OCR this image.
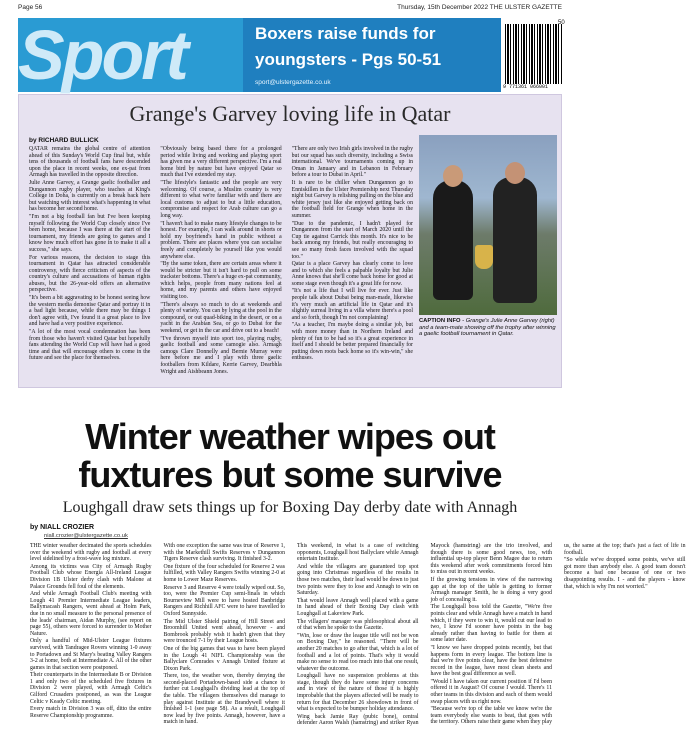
Page 56	Thursday, 15th December 2022 THE ULSTER GAZETTE
Sport	Boxers raise funds for
youngsters - Pgs 50-51
sport@ulstergazette.co.uk
9 771361 066001
50
Grange's Garvey loving life in Qatar
by RICHARD BULLICK

QATAR remains the global centre of attention ahead of this Sunday's World Cup final but, while tens of thousands of football fans have descended upon the place in recent weeks, one ex-pat from Armagh has travelled in the opposite direction.

Julie Anne Garvey, a Grange gaelic footballer and Dungannon rugby player, who teaches at King's College in Doha, is currently on a break back here but watching with interest what's happening in what has become her second home.

"I'm not a big football fan but I've been keeping myself following the World Cup closely since I've been home, because I was there at the start of the tournament, my friends are going to games and I know how much effort has gone in to make it all a success," she says.

For various reasons, the decision to stage this tournament in Qatar has attracted considerable controversy, with fierce criticism of aspects of the country's culture and accusations of human rights abuses, but the 26-year-old offers an alternative perspective.

"It's been a bit aggravating to be honest seeing how the western media demonise Qatar and portray it in a bad light because, while there may be things I don't agree with, I've found it a great place to live and have had a very positive experience.

"A lot of the most vocal condemnation has been from those who haven't visited Qatar but hopefully fans attending the World Cup will have had a good time and that will encourage others to come in the future and see the place for themselves.

"Obviously being based there for a prolonged period while living and working and playing sport has given me a very different perspective. I'm a real home bird by nature but have enjoyed Qatar so much that I've extended my stay.

"The lifestyle's fantastic and the people are very welcoming. Of course, a Muslim country is very different to what we're familiar with and there are local customs to adjust to but a little education, compromise and respect for Arab culture can go a long way.

"I haven't had to make many lifestyle changes to be honest. For example, I can walk around in shorts or hold my boyfriend's hand in public without a problem. There are places where you can socialise freely and completely be yourself like you would anywhere else.

"By the same token, there are certain areas where it would be stricter but it isn't hard to pull on some trackster bottoms. There's a huge ex-pat community, which helps, people from many nations feel at home, and my parents and others have enjoyed visiting too.

"There's always so much to do at weekends and plenty of variety. You can by lying at the pool in the compound, or out quad-biking in the desert, or on a yacht in the Arabian Sea, or go to Dubai for the weekend, or get in the car and drive out to a beach!

"I've thrown myself into sport too, playing rugby, gaelic football and some camogie also. Armagh camogs Clare Donnelly and Bernie Murray were here before me and I play with three gaelic footballers from Kildare, Kerrie Garvey, Dearbhla Wright and Aishbeann Jones.

"There are only two Irish girls involved in the rugby but our squad has such diversity, including a Swiss international. We've tournaments coming up in Oman in January and in Lebanon in February before a tour to Dubai in April."

It is rare to be chiller when Dungannon go to Enniskillen in the Ulster Premiership next Thursday night but Garvey is relishing pulling on the blue and white jersey just like she enjoyed getting back on the football field for Grange when home in the summer.

"Due to the pandemic, I hadn't played for Dungannon from the start of March 2020 until the Cup tie against Carrick this month. It's nice to be back among my friends, but really encouraging to see so many fresh faces involved with the squad too."

Qatar is a place Garvey has clearly come to love and to which she feels a palpable loyalty but Julie Anne knows that she'll come back home for good at some stage even though it's a great life for now.

"It's not a life that I will live for ever. Just like people talk about Dubai being man-made, likewise it's very much an artificial life in Qatar and it's slightly surreal living in a villa where there's a pool and so forth, though I'm not complaining!

"As a teacher, I'm maybe doing a similar job, but with more money than in Northern Ireland and plenty of fun to be had so it's a great experience in itself and I should be better prepared financially for putting down roots back home so it's win-win," she enthuses.

CAPTION INFO - Grange's Julie Anne Garvey (right) and a team-mate showing off the trophy after winning a gaelic football tournament in Qatar.
Winter weather wipes out
fuxtures but some survive
Loughgall draw sets things up for Boxing Day derby date with Annagh
by NIALL CROZIER
niall.crozier@ulstergazette.co.uk

THE winter weather decimated the sports schedules over the weekend with rugby and football at every level sidelined by a frost-wave log mixture.

Among its victims was City of Armagh Rugby Football Club whose Energia All-Ireland League Division 1B Ulster derby clash with Malone at Palace Grounds fell foul of the elements.

And while Armagh Football Club's meeting with Lough 41 Premier Intermediate League leaders, Ballymacash Rangers, went ahead at Holm Park, due in no small measure to the personal presence of the leads' chairman, Aidan Murphy, (see report on page 55), others were forced to surrender to Mother Nature.

Only a handful of Mid-Ulster League fixtures survived, with Tandragee Rovers winning 1-0 away to Portadown and St Mary's beating Valley Rangers 3-2 at home, both at Intermediate A. All of the other games in that section were postponed.

Their counterparts in the Intermediate B or Division 1 and only two of the scheduled five fixtures in Division 2 were played, with Armagh Celtic's Gilford Crusaders postponed, as was the League Celtic v Keady Celtic meeting.

Every match in Division 3 was off, ditto the entire Reserve Championship programme.

With one exception the same was true of Reserve 1, with the Markethill Swifts Reserves v Dungannon Tigers Reserve clash surviving. It finished 3-2.

One fixture of the four scheduled for Reserve 2 was fulfilled, with Valley Rangers Swifts winning 2-0 at home to Lower Maze Reserves.

Reserve 3 and Reserve 4 were totally wiped out. So, too, were the Premier Cup semi-finals in which Bourneview Mill were to have hosted Banbridge Rangers and Richhill AFC were to have travelled to Oxford Sunnyside.

The Mid Ulster Shield pairing of Hill Street and Broomhill United went ahead, however - and Bombrook probably wish it hadn't given that they were trounced 7-1 by their League hosts.

One of the big games that was to have been played in the Lough 41 NIFL Championship was the Ballyclare Comrades v Annagh United fixture at Dixon Park.

There, too, the weather won, thereby denying the second-placed Portadown-based side a chance to further cut Loughgall's dividing lead at the top of the table. The villagers themselves did manage to play against Institute at the Brandywell where it finished 1-1 (see page 58). As a result, Loughgall now lead by five points. Annagh, however, have a match in hand.

This weekend, in what is a case of switching opponents, Loughgall host Ballyclare while Annagh entertain Institute.

And while the villagers are guaranteed top spot going into Christmas regardless of the results in those two matches, their lead would be down to just two points were they to lose and Annagh to win on Saturday.

That would leave Annagh well placed with a game in hand ahead of their Boxing Day clash with Loughgall at Lakeview Park.

The villagers' manager was philosophical about all of that when he spoke to the Gazette.

"Win, lose or draw the league title will not be won on Boxing Day," he reasoned. "There will be another 20 matches to go after that, which is a lot of football and a lot of points. That's why it would make no sense to read too much into that one result, whatever the outcome.

Loughgall have no suspension problems at this stage, though they do have some injury concerns and in view of the nature of those it is highly improbable that the players affected will be ready to return for that December 26 showdown in front of what is expected to be bumper holiday attendance.

Wing back Jamie Ray (pubic bone), central defender Aaron Walsh (hamstring) and striker Ryan Mayock (hamstring) are the trio involved, and though there is some good news, too, with influential up-top player Benn Magee due to return this weekend after work commitments forced him to miss out in recent weeks.

If the growing tensions in view of the narrowing gap at the top of the table is getting to former Armagh manager Smith, he is doing a very good job of concealing it.

The Loughgall boss told the Gazette, "We're five points clear and while Annagh have a match in hand which, if they were to win it, would cut our lead to two, I know I'd sooner have points in the bag already rather than having to battle for them at some later date.

"I know we have dropped points recently, but that happens form in every league. The bottom line is that we're five points clear, have the best defensive record in the league, have most clean sheets and have the best goal difference as well.

"Would I have taken our current position if I'd been offered it in August? Of course I would. There's 11 other teams in this division and each of them would swap places with us right now.

"Because we're top of the table we know we're the team everybody else wants to beat, that goes with the territory. Others raise their game when they play us, the same at the top; that's just a fact of life in football.

"So while we've dropped some points, we've still got more than anybody else. A good team doesn't become a bad one because of one or two disappointing results. I - and the players - know that, which is why I'm not worried."
